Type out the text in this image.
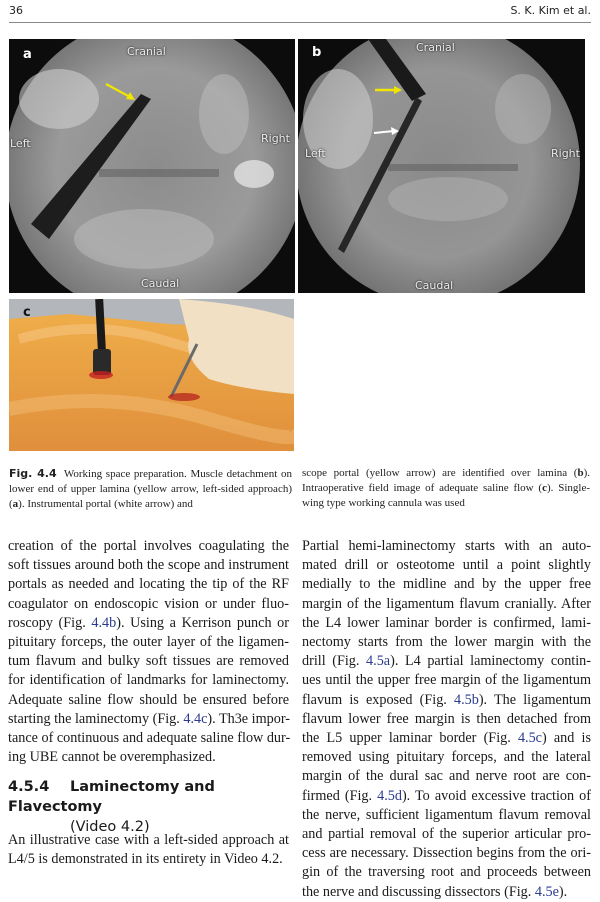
36	S. K. Kim et al.
a	Cranial
Left	Right
Caudal
b	Cranial
Left	Right
Caudal
c
Fig. 4.4 Working space preparation. Muscle detachment on lower end of upper lamina (yellow arrow, left-sided approach) (a). Instrumental portal (white arrow) and
scope portal (yellow arrow) are identified over lamina (b). Intraoperative field image of adequate saline flow (c). Single-wing type working cannula was used
creation of the portal involves coagulating the
soft tissues around both the scope and instrument
portals as needed and locating the tip of the RF
coagulator on endoscopic vision or under fluo-
roscopy (Fig. 4.4b). Using a Kerrison punch or
pituitary forceps, the outer layer of the ligamen-
tum flavum and bulky soft tissues are removed
for identification of landmarks for laminectomy.
Adequate saline flow should be ensured before
starting the laminectomy (Fig. 4.4c). Th3e impor-
tance of continuous and adequate saline flow dur-
ing UBE cannot be overemphasized.
4.5.4 Laminectomy and Flavectomy
(Video 4.2)
An illustrative case with a left-sided approach at
L4/5 is demonstrated in its entirety in Video 4.2.
Partial hemi-laminectomy starts with an auto-
mated drill or osteotome until a point slightly
medially to the midline and by the upper free
margin of the ligamentum flavum cranially. After
the L4 lower laminar border is confirmed, lami-
nectomy starts from the lower margin with the
drill (Fig. 4.5a). L4 partial laminectomy contin-
ues until the upper free margin of the ligamentum
flavum is exposed (Fig. 4.5b). The ligamentum
flavum lower free margin is then detached from
the L5 upper laminar border (Fig. 4.5c) and is
removed using pituitary forceps, and the lateral
margin of the dural sac and nerve root are con-
firmed (Fig. 4.5d). To avoid excessive traction of
the nerve, sufficient ligamentum flavum removal
and partial removal of the superior articular pro-
cess are necessary. Dissection begins from the ori-
gin of the traversing root and proceeds between
the nerve and discussing dissectors (Fig. 4.5e).
